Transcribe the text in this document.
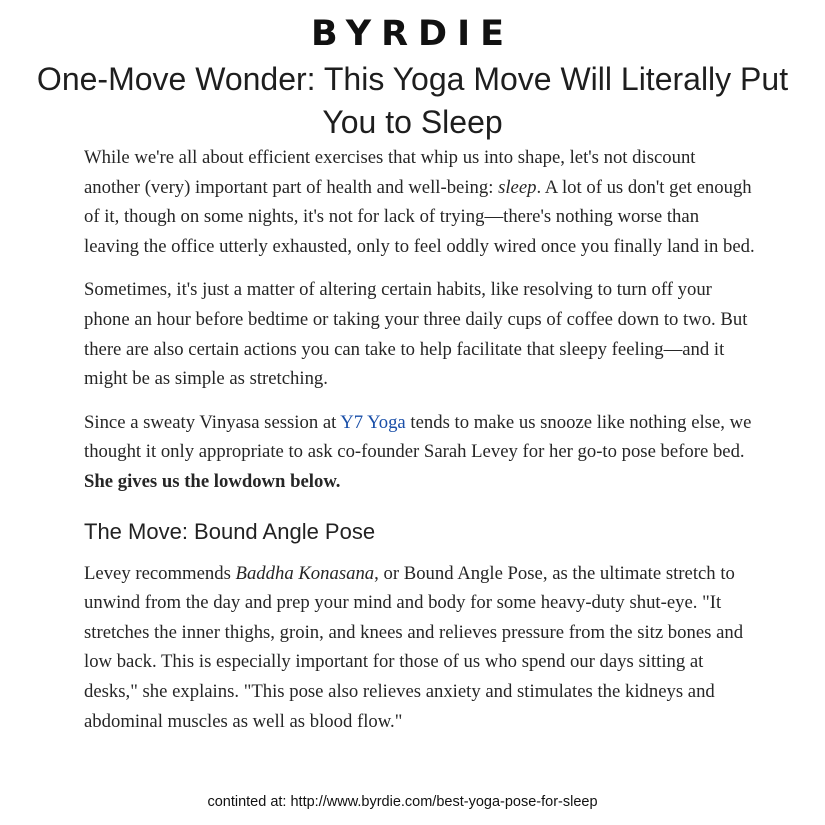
BYRDIE
One-Move Wonder: This Yoga Move Will Literally Put You to Sleep

While we're all about efficient exercises that whip us into shape, let's not discount another (very) important part of health and well-being: sleep. A lot of us don't get enough of it, though on some nights, it's not for lack of trying—there's nothing worse than leaving the office utterly exhausted, only to feel oddly wired once you finally land in bed.

Sometimes, it's just a matter of altering certain habits, like resolving to turn off your phone an hour before bedtime or taking your three daily cups of coffee down to two. But there are also certain actions you can take to help facilitate that sleepy feeling—and it might be as simple as stretching.

Since a sweaty Vinyasa session at Y7 Yoga tends to make us snooze like nothing else, we thought it only appropriate to ask co-founder Sarah Levey for her go-to pose before bed. She gives us the lowdown below.

The Move: Bound Angle Pose

Levey recommends Baddha Konasana, or Bound Angle Pose, as the ultimate stretch to unwind from the day and prep your mind and body for some heavy-duty shut-eye. "It stretches the inner thighs, groin, and knees and relieves pressure from the sitz bones and low back. This is especially important for those of us who spend our days sitting at desks," she explains. "This pose also relieves anxiety and stimulates the kidneys and abdominal muscles as well as blood flow."

continted at: http://www.byrdie.com/best-yoga-pose-for-sleep
